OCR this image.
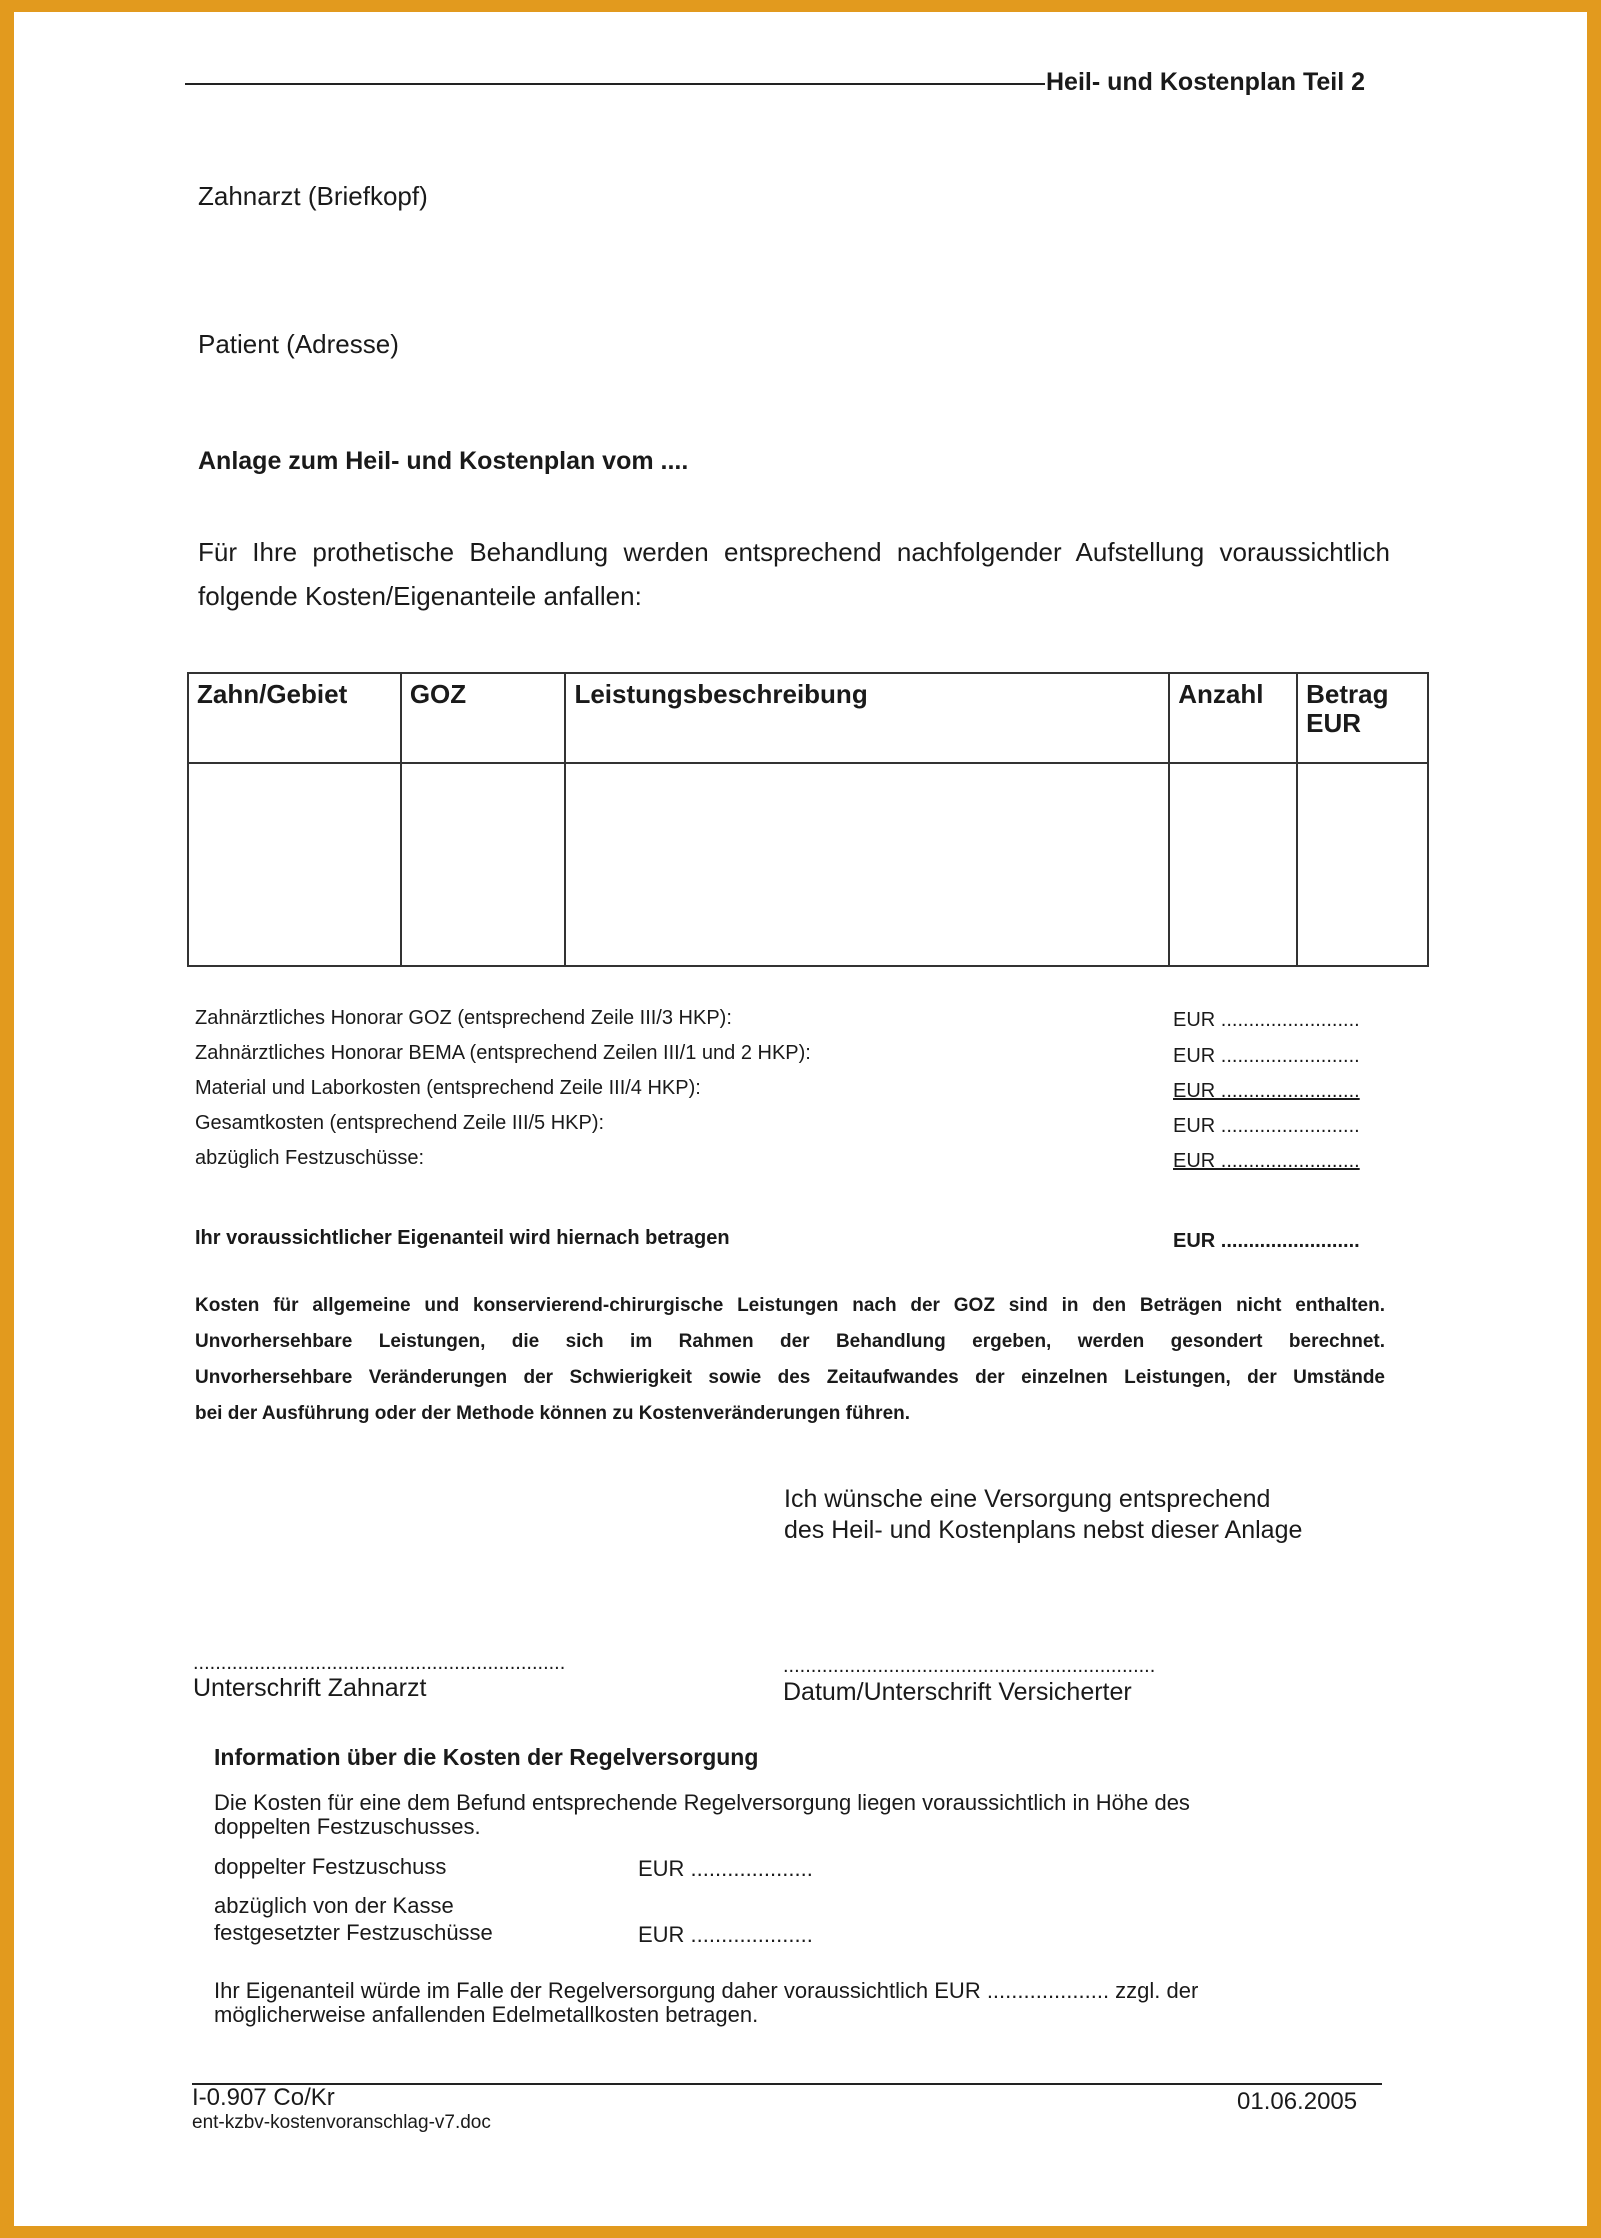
Heil- und Kostenplan Teil 2
Zahnarzt (Briefkopf)
Patient (Adresse)
Anlage zum Heil- und Kostenplan vom ....
Für Ihre prothetische Behandlung werden entsprechend nachfolgender Aufstellung voraussichtlich folgende Kosten/Eigenanteile anfallen:
Zahn/Gebiet	GOZ	Leistungsbeschreibung	Anzahl	Betrag EUR

Zahnärztliches Honorar GOZ (entsprechend Zeile III/3 HKP):	EUR .........................
Zahnärztliches Honorar BEMA (entsprechend Zeilen III/1 und 2 HKP):	EUR .........................
Material und Laborkosten (entsprechend Zeile III/4 HKP):	EUR .........................
Gesamtkosten (entsprechend Zeile III/5 HKP):	EUR .........................
abzüglich Festzuschüsse:	EUR .........................
Ihr voraussichtlicher Eigenanteil wird hiernach betragen	EUR .........................
Kosten für allgemeine und konservierend-chirurgische Leistungen nach der GOZ sind in den Beträgen nicht enthalten.
Unvorhersehbare Leistungen, die sich im Rahmen der Behandlung ergeben, werden gesondert berechnet.
Unvorhersehbare Veränderungen der Schwierigkeit sowie des Zeitaufwandes der einzelnen Leistungen, der Umstände
bei der Ausführung oder der Methode können zu Kostenveränderungen führen.
Ich wünsche eine Versorgung entsprechend
des Heil- und Kostenplans nebst dieser Anlage
...................................................................
Unterschrift Zahnarzt
...................................................................
Datum/Unterschrift Versicherter
Information über die Kosten der Regelversorgung
Die Kosten für eine dem Befund entsprechende Regelversorgung liegen voraussichtlich in Höhe des
doppelten Festzuschusses.
doppelter Festzuschuss	EUR ....................
abzüglich von der Kasse
festgesetzter Festzuschüsse	EUR ....................
Ihr Eigenanteil würde im Falle der Regelversorgung daher voraussichtlich EUR .................... zzgl. der
möglicherweise anfallenden Edelmetallkosten betragen.
I-0.907 Co/Kr
ent-kzbv-kostenvoranschlag-v7.doc
01.06.2005
